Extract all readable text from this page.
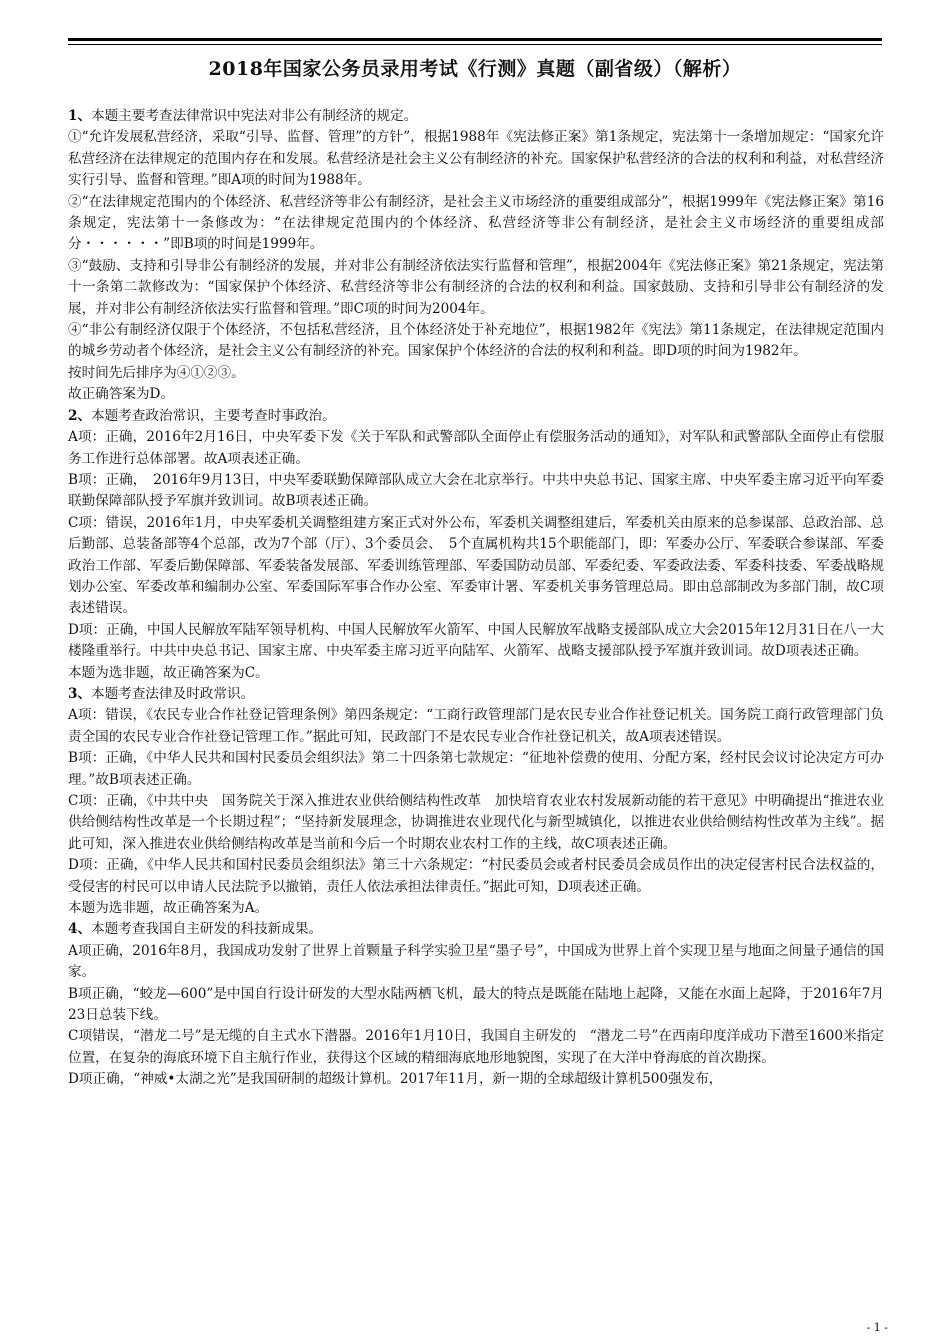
2018年国家公务员录用考试《行测》真题（副省级）（解析）

1、本题主要考查法律常识中宪法对非公有制经济的规定。

①“允许发展私营经济，采取“引导、监督、管理”的方针”，根据1988年《宪法修正案》第1条规定，宪法第十一条增加规定：“国家允许私营经济在法律规定的范围内存在和发展。私营经济是社会主义公有制经济的补充。国家保护私营经济的合法的权利和利益，对私营经济实行引导、监督和管理。”即A项的时间为1988年。

②“在法律规定范围内的个体经济、私营经济等非公有制经济，是社会主义市场经济的重要组成部分”，根据1999年《宪法修正案》第16条规定，宪法第十一条修改为：“在法律规定范围内的个体经济、私营经济等非公有制经济，是社会主义市场经济的重要组成部分・・・・・・”即B项的时间是1999年。

③“鼓励、支持和引导非公有制经济的发展，并对非公有制经济依法实行监督和管理”，根据2004年《宪法修正案》第21条规定，宪法第十一条第二款修改为：“国家保护个体经济、私营经济等非公有制经济的合法的权利和利益。国家鼓励、支持和引导非公有制经济的发展，并对非公有制经济依法实行监督和管理。”即C项的时间为2004年。

④“非公有制经济仅限于个体经济，不包括私营经济，且个体经济处于补充地位”，根据1982年《宪法》第11条规定，在法律规定范围内的城乡劳动者个体经济，是社会主义公有制经济的补充。国家保护个体经济的合法的权利和利益。即D项的时间为1982年。

按时间先后排序为④①②③。

故正确答案为D。

2、本题考查政治常识，主要考查时事政治。

A项：正确，2016年2月16日，中央军委下发《关于军队和武警部队全面停止有偿服务活动的通知》，对军队和武警部队全面停止有偿服务工作进行总体部署。故A项表述正确。

B项：正确，　2016年9月13日，中央军委联勤保障部队成立大会在北京举行。中共中央总书记、国家主席、中央军委主席习近平向军委联勤保障部队授予军旗并致训词。故B项表述正确。

C项：错误，2016年1月，中央军委机关调整组建方案正式对外公布，军委机关调整组建后，军委机关由原来的总参谋部、总政治部、总后勤部、总装备部等4个总部，改为7个部（厅）、3个委员会、　5个直属机构共15个职能部门，即：军委办公厅、军委联合参谋部、军委政治工作部、军委后勤保障部、军委装备发展部、军委训练管理部、军委国防动员部、军委纪委、军委政法委、军委科技委、军委战略规划办公室、军委改革和编制办公室、军委国际军事合作办公室、军委审计署、军委机关事务管理总局。即由总部制改为多部门制，故C项表述错误。

D项：正确，中国人民解放军陆军领导机构、中国人民解放军火箭军、中国人民解放军战略支援部队成立大会2015年12月31日在八一大楼隆重举行。中共中央总书记、国家主席、中央军委主席习近平向陆军、火箭军、战略支援部队授予军旗并致训词。故D项表述正确。

本题为选非题，故正确答案为C。

3、本题考查法律及时政常识。

A项：错误，《农民专业合作社登记管理条例》第四条规定：“工商行政管理部门是农民专业合作社登记机关。国务院工商行政管理部门负责全国的农民专业合作社登记管理工作。”据此可知，民政部门不是农民专业合作社登记机关，故A项表述错误。

B项：正确，《中华人民共和国村民委员会组织法》第二十四条第七款规定：“征地补偿费的使用、分配方案，经村民会议讨论决定方可办理。”故B项表述正确。

C项：正确，《中共中央　国务院关于深入推进农业供给侧结构性改革　加快培育农业农村发展新动能的若干意见》中明确提出“推进农业供给侧结构性改革是一个长期过程”；“坚持新发展理念，协调推进农业现代化与新型城镇化，以推进农业供给侧结构性改革为主线”。据此可知，深入推进农业供给侧结构改革是当前和今后一个时期农业农村工作的主线，故C项表述正确。

D项：正确，《中华人民共和国村民委员会组织法》第三十六条规定：“村民委员会或者村民委员会成员作出的决定侵害村民合法权益的，受侵害的村民可以申请人民法院予以撤销，责任人依法承担法律责任。”据此可知，D项表述正确。

本题为选非题，故正确答案为A。

4、本题考查我国自主研发的科技新成果。

A项正确，2016年8月，我国成功发射了世界上首颗量子科学实验卫星“墨子号”，中国成为世界上首个实现卫星与地面之间量子通信的国家。

B项正确，“蛟龙—600”是中国自行设计研发的大型水陆两栖飞机，最大的特点是既能在陆地上起降，又能在水面上起降，于2016年7月23日总装下线。

C项错误，“潜龙二号”是无缆的自主式水下潜器。2016年1月10日，我国自主研发的　“潜龙二号”在西南印度洋成功下潜至1600米指定位置，在复杂的海底环境下自主航行作业，获得这个区域的精细海底地形地貌图，实现了在大洋中脊海底的首次勘探。

D项正确，“神威•太湖之光”是我国研制的超级计算机。2017年11月，新一期的全球超级计算机500强发布，

- 1 -
